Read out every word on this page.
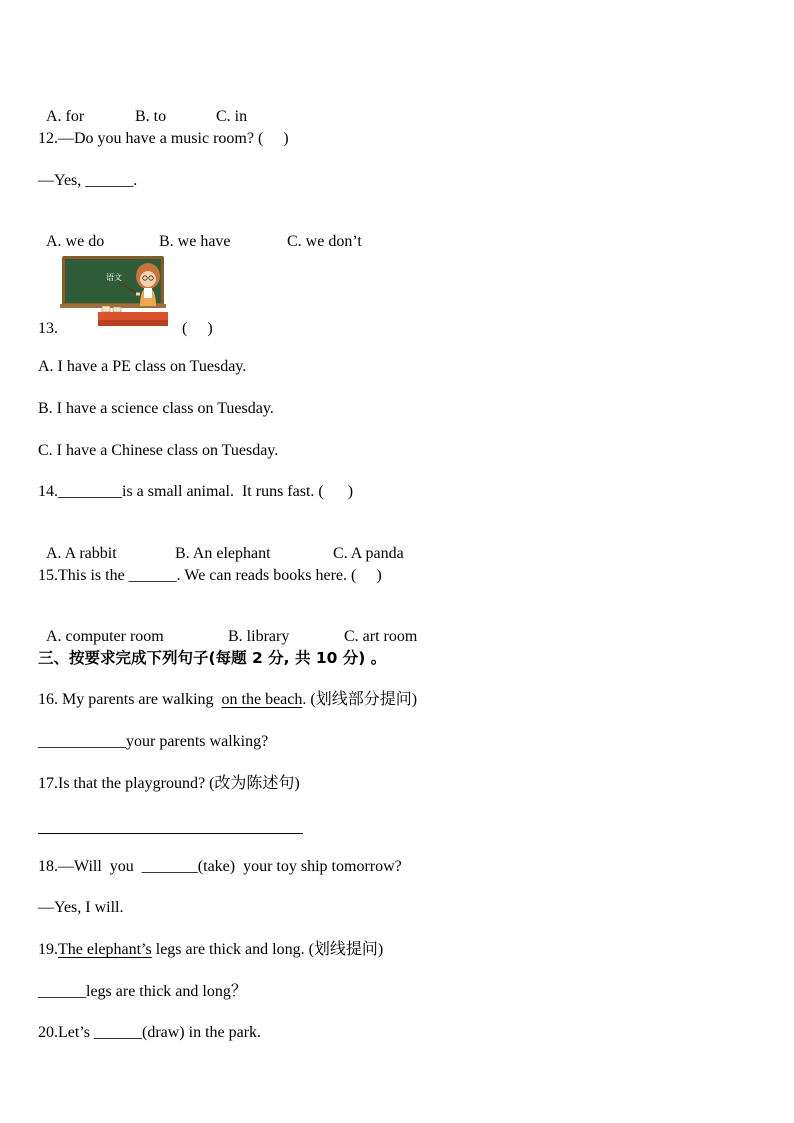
A. for	B. to	C. in

12.—Do you have a music room? (     )
—Yes, ______.

A. we do	B. we have	C. we don’t

语文
13.	(     )
A. I have a PE class on Tuesday.
B. I have a science class on Tuesday.
C. I have a Chinese class on Tuesday.
14.________is a small animal.  It runs fast. (      )

A. A rabbit	B. An elephant	C. A panda

15.This is the ______. We can reads books here. (     )

A. computer room	B. library	C. art room

三、按要求完成下列句子(每题 2 分, 共 10 分) 。
16. My parents are walking  on the beach. (划线部分提问)
___________your parents walking?
17.Is that the playground? (改为陈述句)
18.—Will  you  _______(take)  your toy ship tomorrow?
—Yes, I will.
19.The elephant’s legs are thick and long. (划线提问)
______legs are thick and long？
20.Let’s ______(draw) in the park.
